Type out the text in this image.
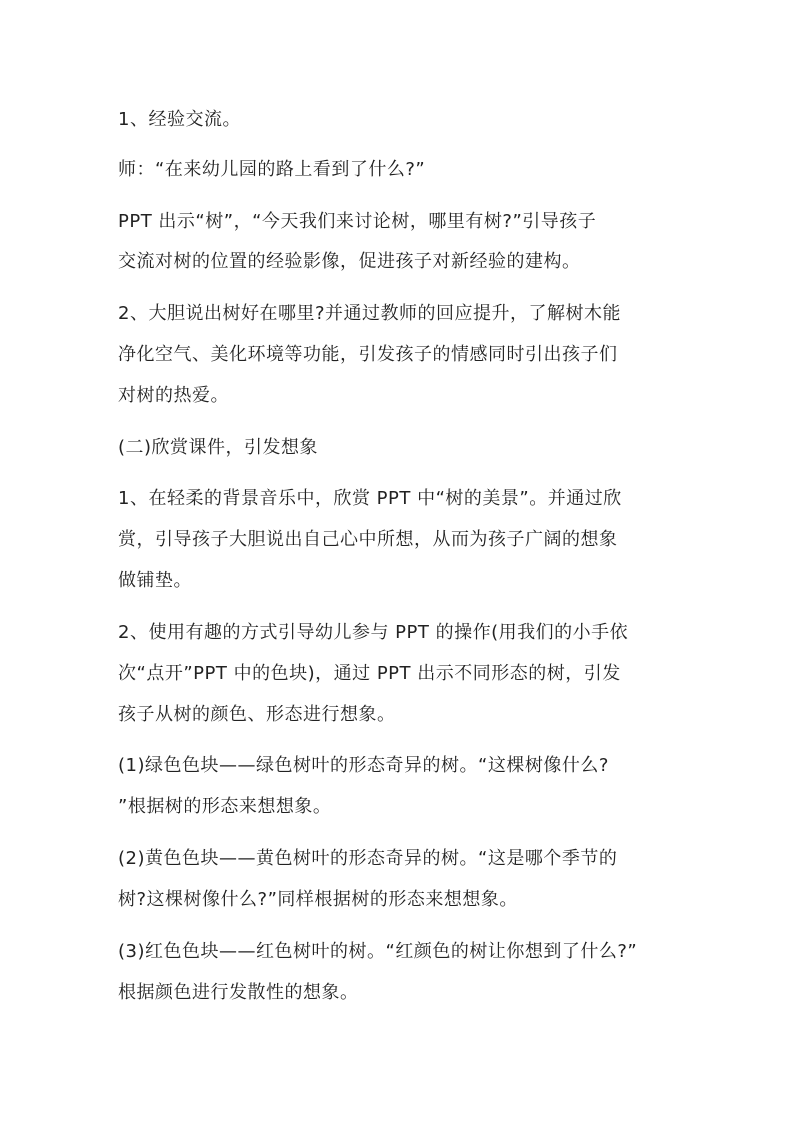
1、经验交流。
师：“在来幼儿园的路上看到了什么?”
PPT 出示“树”，“今天我们来讨论树，哪里有树?”引导孩子
交流对树的位置的经验影像，促进孩子对新经验的建构。
2、大胆说出树好在哪里?并通过教师的回应提升，了解树木能
净化空气、美化环境等功能，引发孩子的情感同时引出孩子们
对树的热爱。
(二)欣赏课件，引发想象
1、在轻柔的背景音乐中，欣赏 PPT 中“树的美景”。并通过欣
赏，引导孩子大胆说出自己心中所想，从而为孩子广阔的想象
做铺垫。
2、使用有趣的方式引导幼儿参与 PPT 的操作(用我们的小手依
次“点开”PPT 中的色块)，通过 PPT 出示不同形态的树，引发
孩子从树的颜色、形态进行想象。
(1)绿色色块——绿色树叶的形态奇异的树。“这棵树像什么?
”根据树的形态来想想象。
(2)黄色色块——黄色树叶的形态奇异的树。“这是哪个季节的
树?这棵树像什么?”同样根据树的形态来想想象。
(3)红色色块——红色树叶的树。“红颜色的树让你想到了什么?”
根据颜色进行发散性的想象。
